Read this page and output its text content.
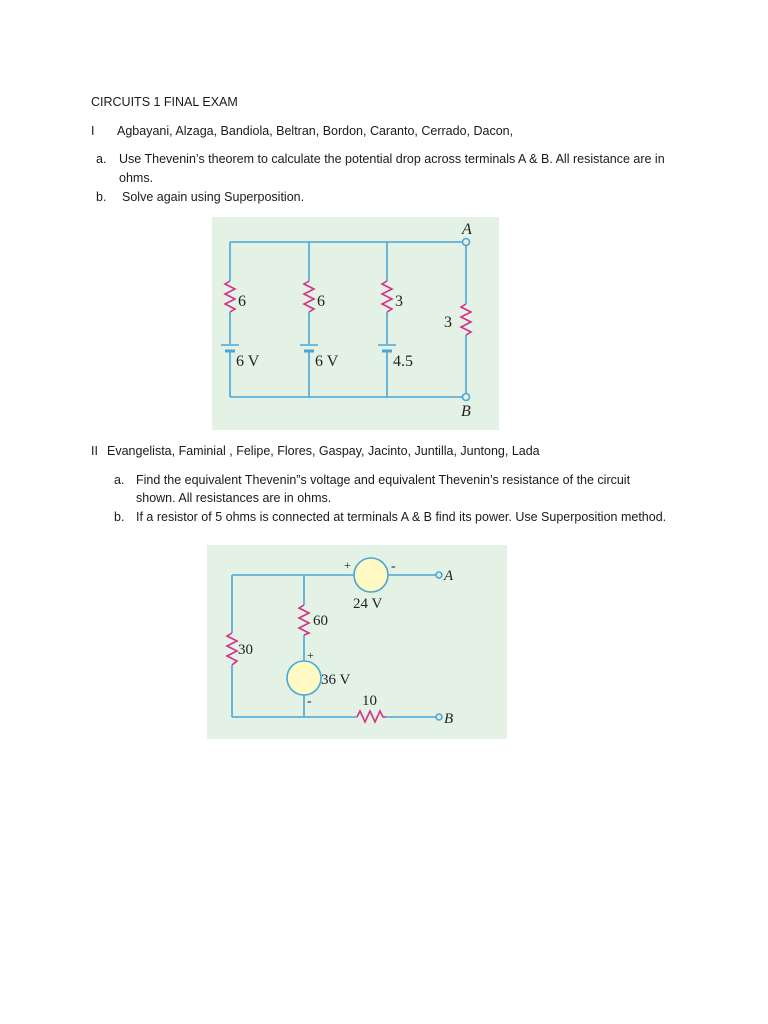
CIRCUITS 1 FINAL EXAM
I Agbayani, Alzaga, Bandiola, Beltran, Bordon, Caranto, Cerrado, Dacon,
a. Use Thevenin’s theorem to calculate the potential drop across terminals A & B. All resistance are in
ohms.
b. Solve again using Superposition.
A
B
6	6	3
3
6 V	6 V	4.5
II Evangelista, Faminial , Felipe, Flores, Gaspay, Jacinto, Juntilla, Juntong, Lada
a. Find the equivalent Thevenin”s voltage and equivalent Thevenin’s resistance of the circuit
shown. All resistances are in ohms.
b. If a resistor of 5 ohms is connected at terminals A & B find its power. Use Superposition method.
A
B
24 V
60
30
36 V
10
+	-
+
-
